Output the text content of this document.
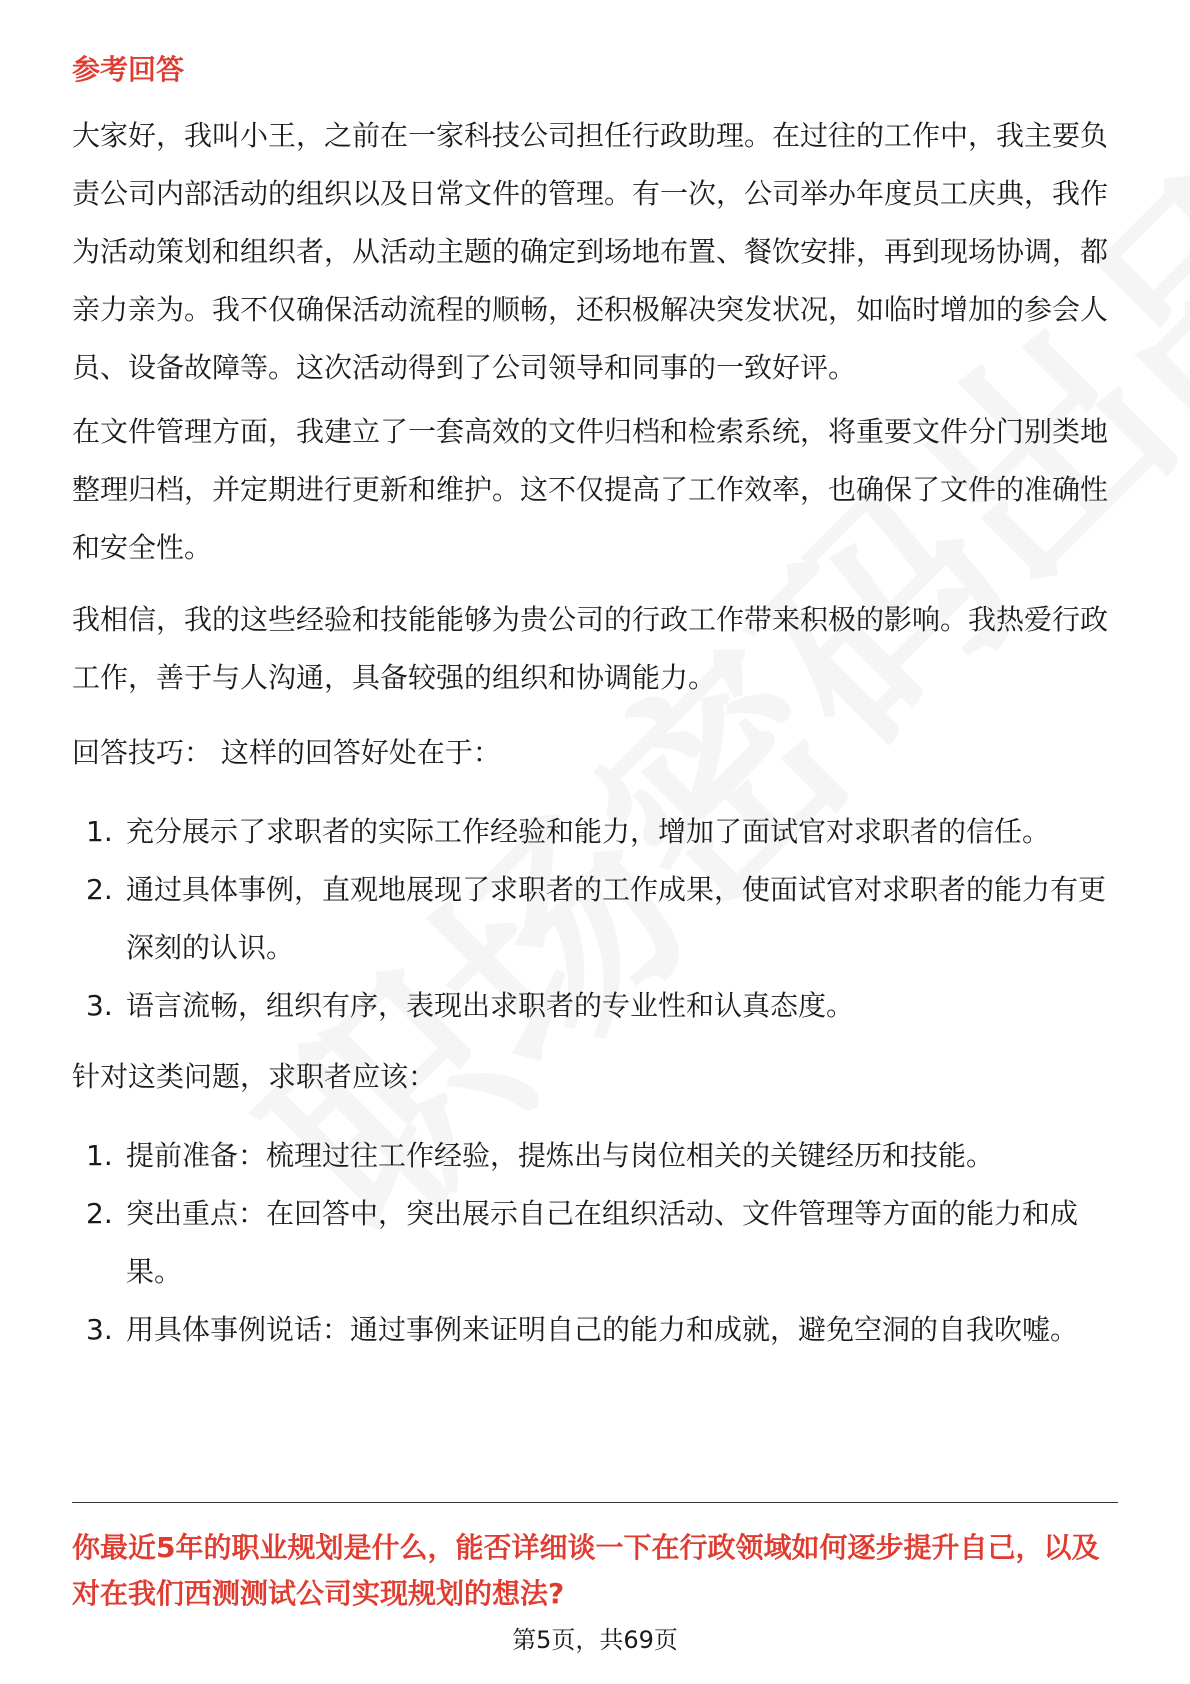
参考回答

大家好，我叫小王，之前在一家科技公司担任行政助理。在过往的工作中，我主要负责公司内部活动的组织以及日常文件的管理。有一次，公司举办年度员工庆典，我作为活动策划和组织者，从活动主题的确定到场地布置、餐饮安排，再到现场协调，都亲力亲为。我不仅确保活动流程的顺畅，还积极解决突发状况，如临时增加的参会人员、设备故障等。这次活动得到了公司领导和同事的一致好评。

在文件管理方面，我建立了一套高效的文件归档和检索系统，将重要文件分门别类地整理归档，并定期进行更新和维护。这不仅提高了工作效率，也确保了文件的准确性和安全性。

我相信，我的这些经验和技能能够为贵公司的行政工作带来积极的影响。我热爱行政工作，善于与人沟通，具备较强的组织和协调能力。

回答技巧： 这样的回答好处在于：

1. 充分展示了求职者的实际工作经验和能力，增加了面试官对求职者的信任。
2. 通过具体事例，直观地展现了求职者的工作成果，使面试官对求职者的能力有更深刻的认识。
3. 语言流畅，组织有序，表现出求职者的专业性和认真态度。

针对这类问题，求职者应该：

1. 提前准备：梳理过往工作经验，提炼出与岗位相关的关键经历和技能。
2. 突出重点：在回答中，突出展示自己在组织活动、文件管理等方面的能力和成果。
3. 用具体事例说话：通过事例来证明自己的能力和成就，避免空洞的自我吹嘘。

你最近5年的职业规划是什么，能否详细谈一下在行政领域如何逐步提升自己，以及对在我们西测测试公司实现规划的想法?

第5页，共69页
